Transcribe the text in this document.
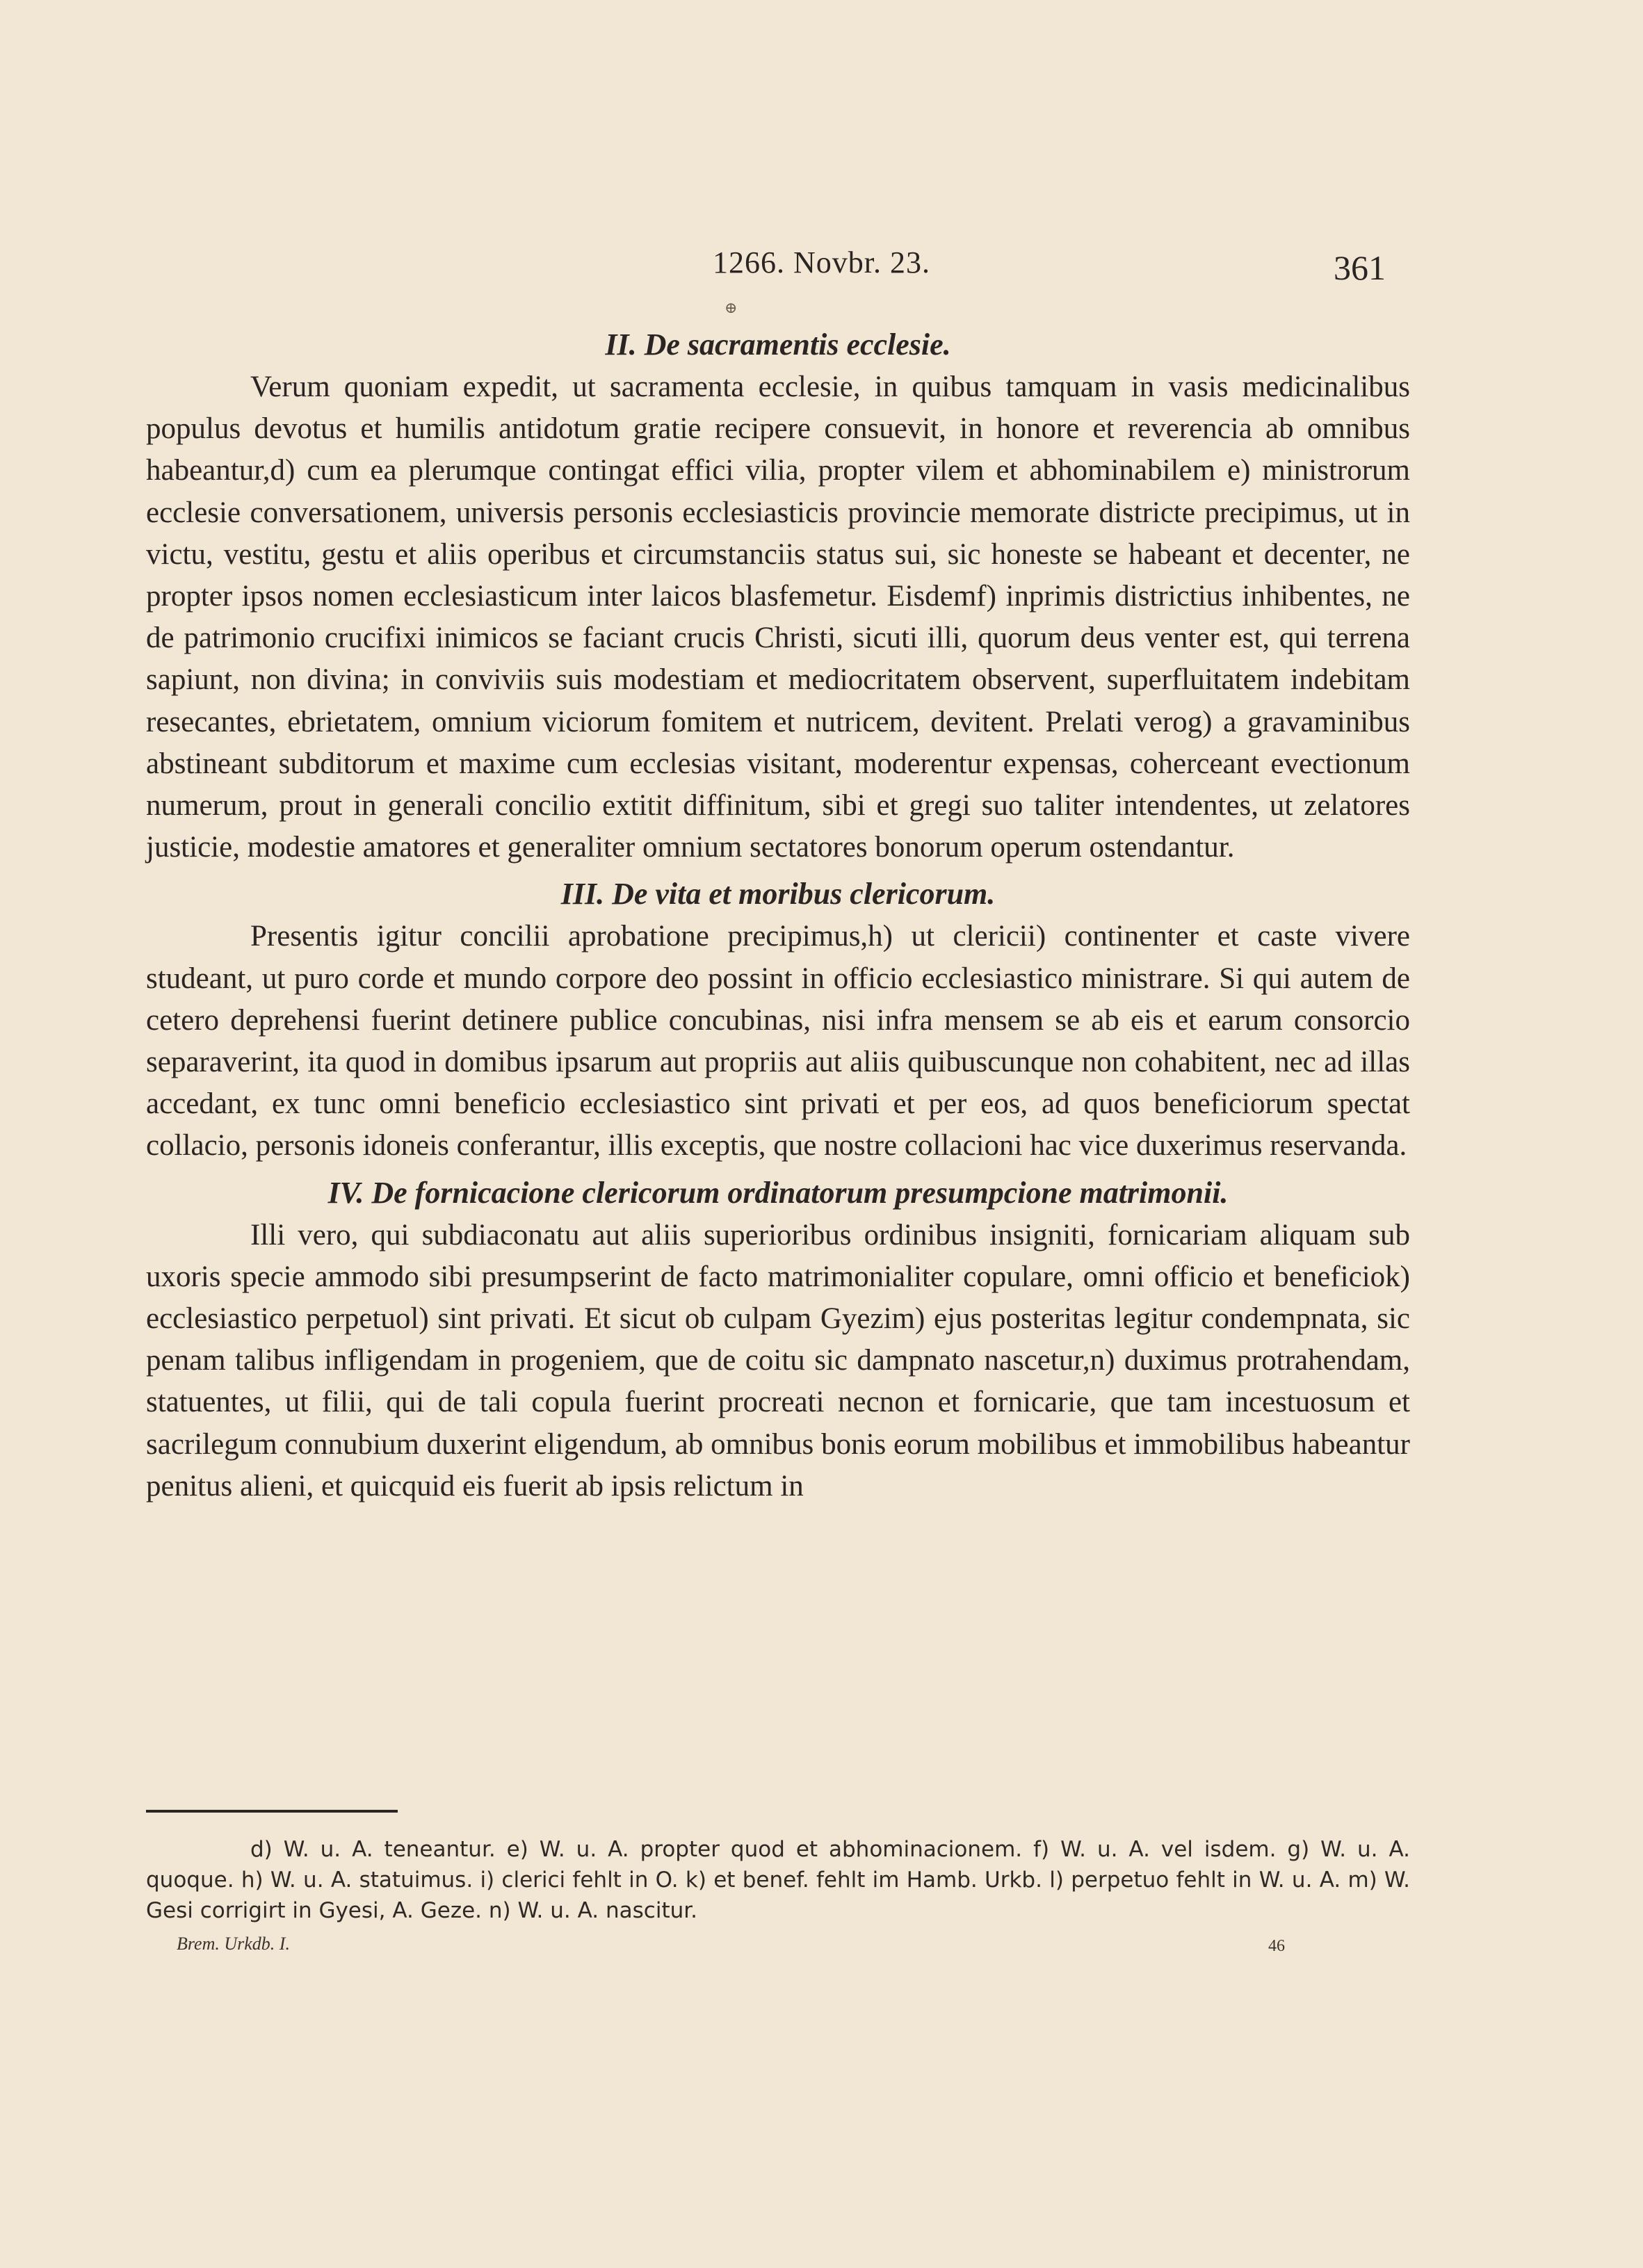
1266. Novbr. 23.	361
⊕
II. De sacramentis ecclesie.

Verum quoniam expedit, ut sacramenta ecclesie, in quibus tamquam in vasis medicinalibus populus devotus et humilis antidotum gratie recipere consuevit, in honore et reverencia ab omnibus habeantur,d) cum ea plerumque contingat effici vilia, propter vilem et abhominabilem e) ministrorum ecclesie conversationem, universis personis ecclesiasticis provincie memorate districte precipimus, ut in victu, vestitu, gestu et aliis operibus et circumstanciis status sui, sic honeste se habeant et decenter, ne propter ipsos nomen ecclesiasticum inter laicos blasfemetur. Eisdemf) inprimis districtius inhibentes, ne de patrimonio crucifixi inimicos se faciant crucis Christi, sicuti illi, quorum deus venter est, qui terrena sapiunt, non divina; in conviviis suis modestiam et mediocritatem observent, superfluitatem indebitam resecantes, ebrietatem, omnium viciorum fomitem et nutricem, devitent. Prelati verog) a gravaminibus abstineant subditorum et maxime cum ecclesias visitant, moderentur expensas, coherceant evectionum numerum, prout in generali concilio extitit diffinitum, sibi et gregi suo taliter intendentes, ut zelatores justicie, modestie amatores et generaliter omnium sectatores bonorum operum ostendantur.

III. De vita et moribus clericorum.

Presentis igitur concilii aprobatione precipimus,h) ut clericii) continenter et caste vivere studeant, ut puro corde et mundo corpore deo possint in officio ecclesiastico ministrare. Si qui autem de cetero deprehensi fuerint detinere publice concubinas, nisi infra mensem se ab eis et earum consorcio separaverint, ita quod in domibus ipsarum aut propriis aut aliis quibuscunque non cohabitent, nec ad illas accedant, ex tunc omni beneficio ecclesiastico sint privati et per eos, ad quos beneficiorum spectat collacio, personis idoneis conferantur, illis exceptis, que nostre collacioni hac vice duxerimus reservanda.

IV. De fornicacione clericorum ordinatorum presumpcione matrimonii.

Illi vero, qui subdiaconatu aut aliis superioribus ordinibus insigniti, fornicariam aliquam sub uxoris specie ammodo sibi presumpserint de facto matrimonialiter copulare, omni officio et beneficiok) ecclesiastico perpetuol) sint privati. Et sicut ob culpam Gyezim) ejus posteritas legitur condempnata, sic penam talibus infligendam in progeniem, que de coitu sic dampnato nascetur,n) duximus protrahendam, statuentes, ut filii, qui de tali copula fuerint procreati necnon et fornicarie, que tam incestuosum et sacrilegum connubium duxerint eligendum, ab omnibus bonis eorum mobilibus et immobilibus habeantur penitus alieni, et quicquid eis fuerit ab ipsis relictum in

d) W. u. A. teneantur. e) W. u. A. propter quod et abhominacionem. f) W. u. A. vel isdem. g) W. u. A. quoque. h) W. u. A. statuimus. i) clerici fehlt in O. k) et benef. fehlt im Hamb. Urkb. l) perpetuo fehlt in W. u. A. m) W. Gesi corrigirt in Gyesi, A. Geze. n) W. u. A. nascitur.

Brem. Urkdb. I.	46
